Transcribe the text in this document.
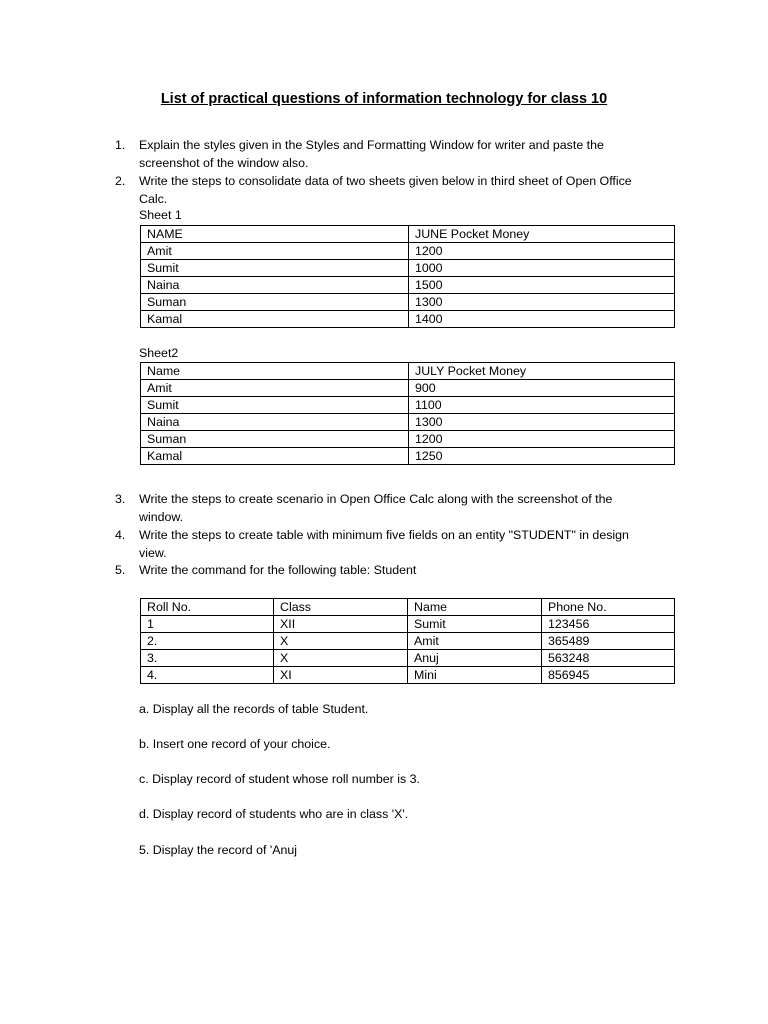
List of practical questions of information technology for class 10
1.	Explain the styles given in the Styles and Formatting Window for writer and paste the
screenshot of the window also.
2.	Write the steps to consolidate data of two sheets given below in third sheet of Open Office
Calc.
Sheet 1
NAME	JUNE Pocket Money
Amit	1200
Sumit	1000
Naina	1500
Suman	1300
Kamal	1400
Sheet2
Name	JULY Pocket Money
Amit	900
Sumit	1100
Naina	1300
Suman	1200
Kamal	1250
3.	Write the steps to create scenario in Open Office Calc along with the screenshot of the
window.
4.	Write the steps to create table with minimum five fields on an entity "STUDENT" in design
view.
5.	Write the command for the following table: Student
Roll No.	Class	Name	Phone No.
1	XII	Sumit	123456
2.	X	Amit	365489
3.	X	Anuj	563248
4.	XI	Mini	856945
a. Display all the records of table Student.
b. Insert one record of your choice.
c. Display record of student whose roll number is 3.
d. Display record of students who are in class 'X'.
5. Display the record of 'Anuj
